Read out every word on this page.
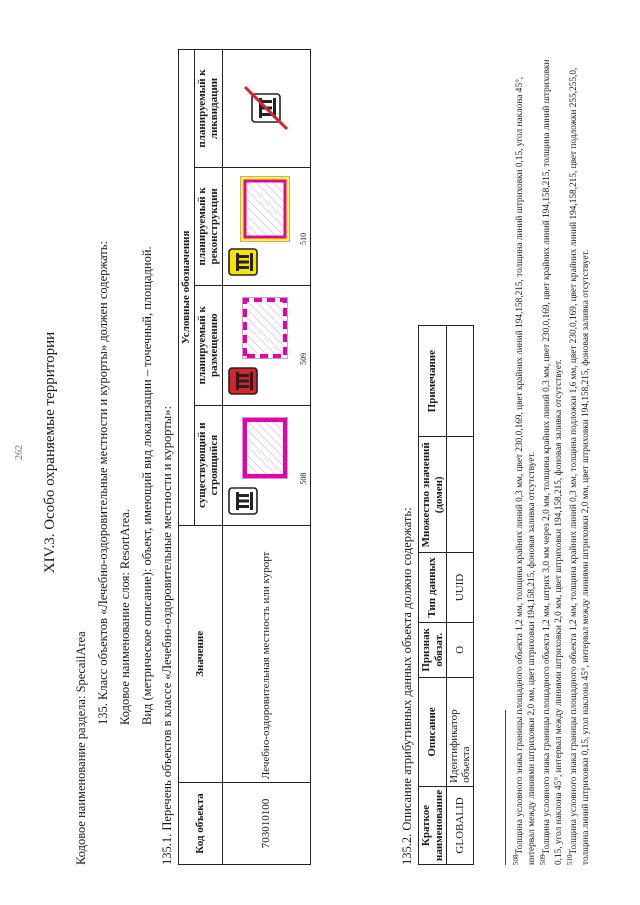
262 XIV.3. Особо охраняемые территории
Кодовое наименование раздела: SpecailArea
135. Класс объектов «Лечебно-оздоровительные местности и курорты» должен содержать: Кодовое наименование слоя: ResortArea. Вид (метрическое описание): объект, имеющий вид локализации – точечный, площадной. 135.1. Перечень объектов в классе «Лечебно-оздоровительные местности и курорты»: Код объекта	Значение	Условные обозначения			
		существующий и строящийся	планируемый к размещению	планируемый к реконструкции	планируемый к ликвидации
703010100	Лечебно-оздоровительная местность или курорт	508	509	510

135.2. Описание атрибутивных данных объекта должно содержать: Краткое наименование	Описание	Признак обязат.	Тип данных	Множество значений (домен)	Примечание
GLOBALID	Идентификатор объекта	О	UUID		
$^{508}$Толщина условного знака границы площадного объекта 1,2 мм, толщина крайних линий 0,3 мм, цвет 230,0,169, цвет крайних линий 194,158,215, толщина линий штриховки 0,15, угол наклона 45°, интервал между линиями штриховки 2,0 мм, цвет штриховки 194,158,215, фоновая заливка отсутствует. $^{509}$Толщина условного знака границы площадного объекта 1,2 мм, штрих 3,0 мм через 2,0 мм, толщина крайних линий 0,3 мм, цвет 230,0,169, цвет крайних линий 194,158,215, толщина линий штриховки 0,15, угол наклона 45°, интервал между линиями штриховки 2,0 мм, цвет штриховки 194,158,215, фоновая заливка отсутствует. $^{510}$Толщина условного знака границы площадного объекта 1,2 мм, толщина крайних линий 0,3 мм, толщина подложки 1,6 мм, цвет 230,0,169, цвет крайних линий 194,158,215, цвет подложки 255,255,0, толщина линий штриховки 0,15, угол наклона 45°, интервал между линиями штриховки 2,0 мм, цвет штриховки 194,158,215, фоновая заливка отсутствует.
